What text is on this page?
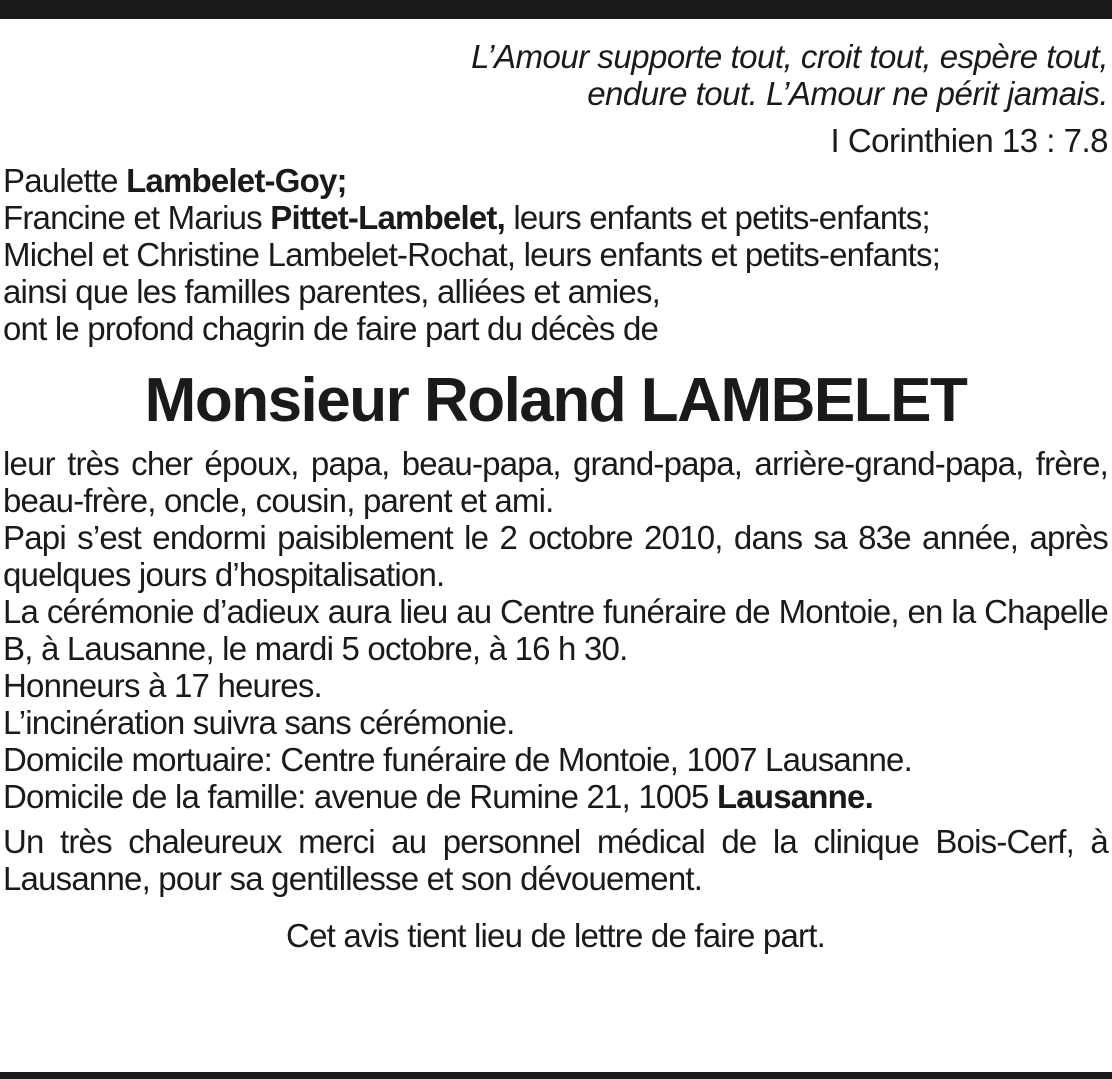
L’Amour supporte tout, croit tout, espère tout,
endure tout. L’Amour ne périt jamais.
I Corinthien 13 : 7.8
Paulette Lambelet-Goy;
Francine et Marius Pittet-Lambelet, leurs enfants et petits-enfants;
Michel et Christine Lambelet-Rochat, leurs enfants et petits-enfants;
ainsi que les familles parentes, alliées et amies,
ont le profond chagrin de faire part du décès de
Monsieur Roland LAMBELET
leur très cher époux, papa, beau-papa, grand-papa, arrière-grand-papa, frère, beau-frère, oncle, cousin, parent et ami.
Papi s’est endormi paisiblement le 2 octobre 2010, dans sa 83e année, après quelques jours d’hospitalisation.
La cérémonie d’adieux aura lieu au Centre funéraire de Montoie, en la Chapelle B, à Lausanne, le mardi 5 octobre, à 16 h 30.
Honneurs à 17 heures.
L’incinération suivra sans cérémonie.
Domicile mortuaire: Centre funéraire de Montoie, 1007 Lausanne.
Domicile de la famille: avenue de Rumine 21, 1005 Lausanne.
Un très chaleureux merci au personnel médical de la clinique Bois-Cerf, à Lausanne, pour sa gentillesse et son dévouement.
Cet avis tient lieu de lettre de faire part.
